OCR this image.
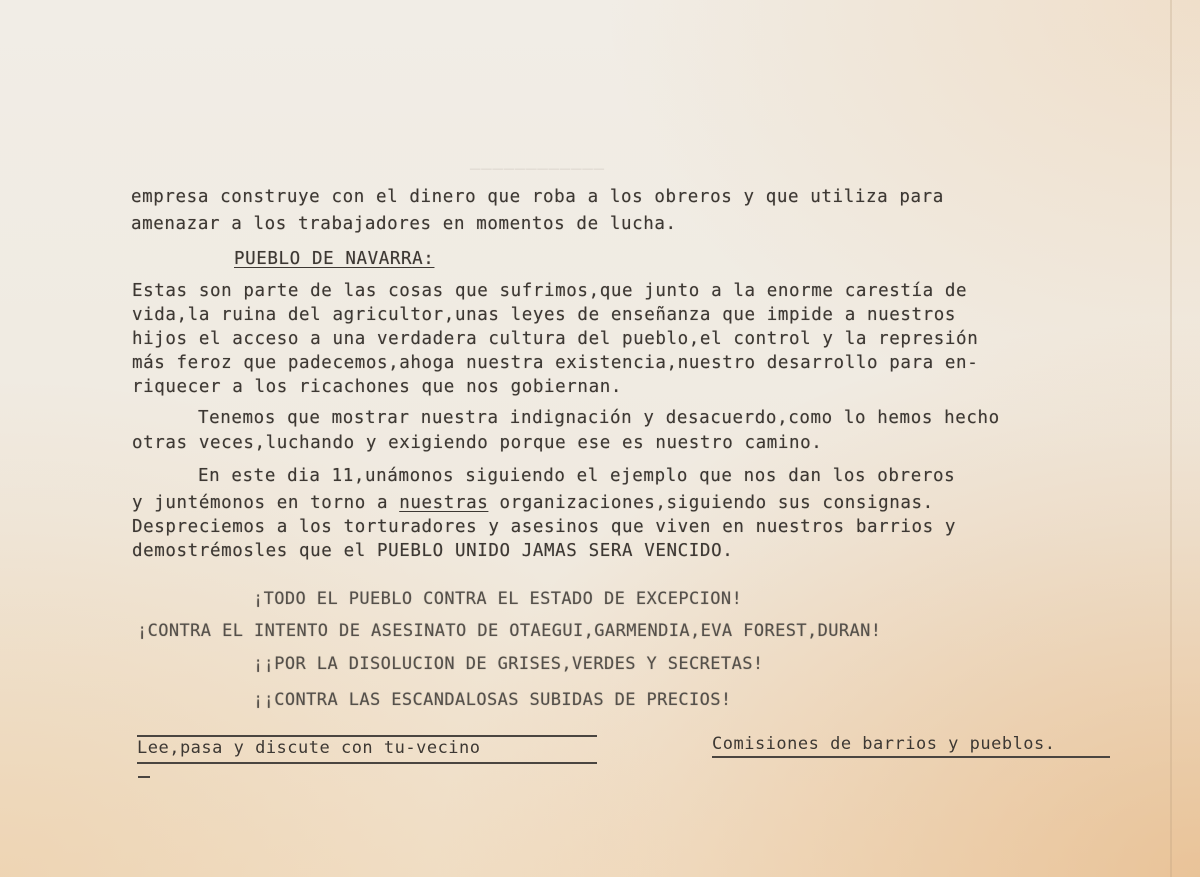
────────────
empresa construye con el dinero que roba a los obreros y que utiliza para
amenazar a los trabajadores en momentos de lucha.
PUEBLO DE NAVARRA:
Estas son parte de las cosas que sufrimos,que junto a la enorme carestía de
vida,la ruina del agricultor,unas leyes de enseñanza que impide a nuestros
hijos el acceso a una verdadera cultura del pueblo,el control y la represión
más feroz que padecemos,ahoga nuestra existencia,nuestro desarrollo para en-
riquecer a los ricachones que nos gobiernan.
Tenemos que mostrar nuestra indignación y desacuerdo,como lo hemos hecho
otras veces,luchando y exigiendo porque ese es nuestro camino.
En este dia 11,unámonos siguiendo el ejemplo que nos dan los obreros
y juntémonos en torno a nuestras organizaciones,siguiendo sus consignas.
Despreciemos a los torturadores y asesinos que viven en nuestros barrios y
demostrémosles que el PUEBLO UNIDO JAMAS SERA VENCIDO.
¡TODO EL PUEBLO CONTRA EL ESTADO DE EXCEPCION!
¡CONTRA EL INTENTO DE ASESINATO DE OTAEGUI,GARMENDIA,EVA FOREST,DURAN!
¡¡POR LA DISOLUCION DE GRISES,VERDES Y SECRETAS!
¡¡CONTRA LAS ESCANDALOSAS SUBIDAS DE PRECIOS!
Lee,pasa y discute con tu-vecino	Comisiones de barrios y pueblos.
